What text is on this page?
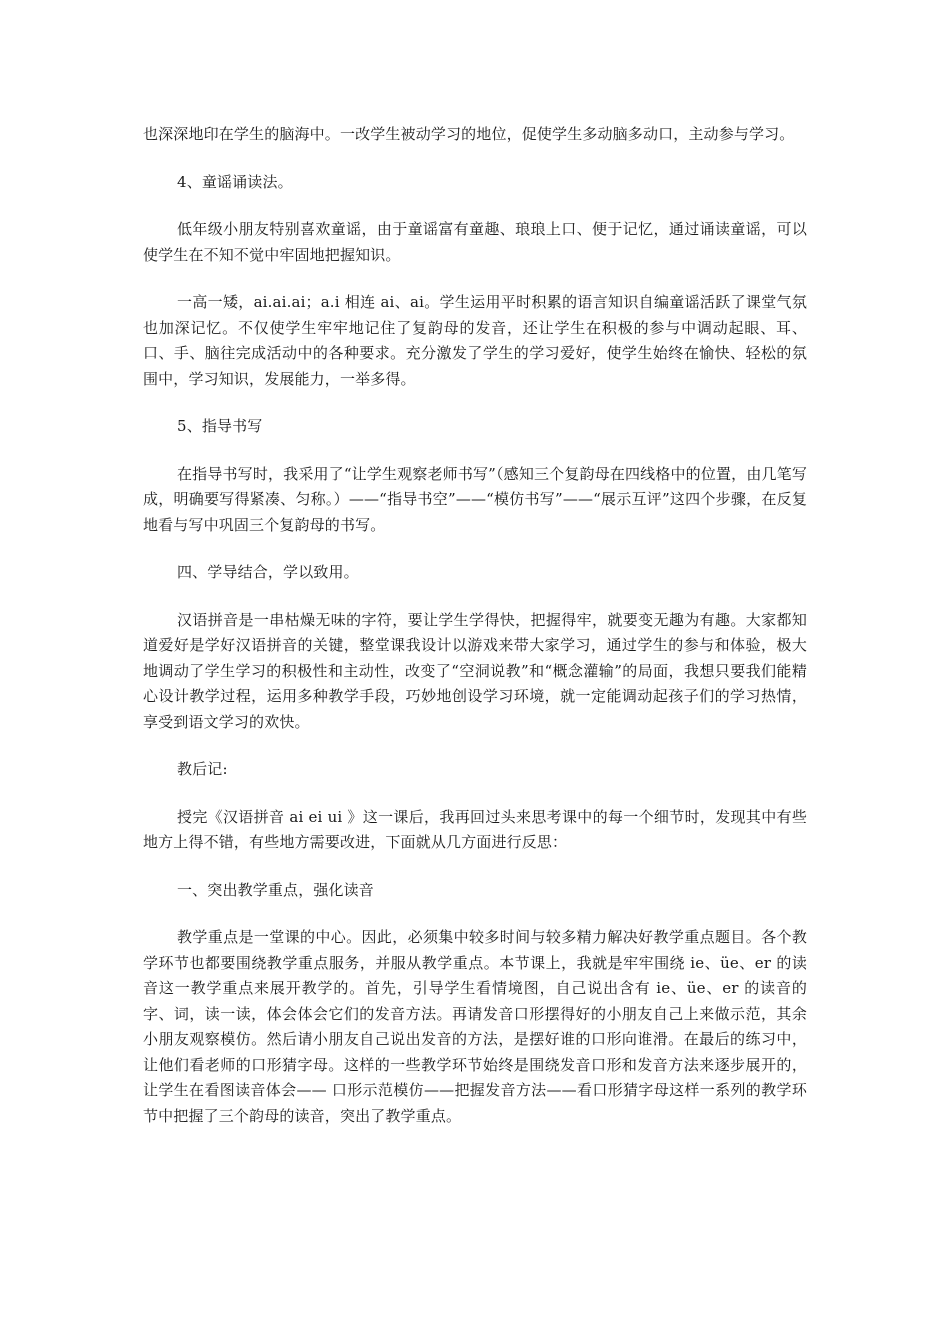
也深深地印在学生的脑海中。一改学生被动学习的地位，促使学生多动脑多动口，主动参与学习。

4、童谣诵读法。

低年级小朋友特别喜欢童谣，由于童谣富有童趣、琅琅上口、便于记忆，通过诵读童谣，可以使学生在不知不觉中牢固地把握知识。

一高一矮，ai.ai.ai；a.i 相连 ai、ai。学生运用平时积累的语言知识自编童谣活跃了课堂气氛也加深记忆。不仅使学生牢牢地记住了复韵母的发音，还让学生在积极的参与中调动起眼、耳、口、手、脑往完成活动中的各种要求。充分激发了学生的学习爱好，使学生始终在愉快、轻松的氛围中，学习知识，发展能力，一举多得。

5、指导书写

在指导书写时，我采用了“让学生观察老师书写”（感知三个复韵母在四线格中的位置，由几笔写成，明确要写得紧凑、匀称。）——“指导书空”——“模仿书写”——“展示互评”这四个步骤，在反复地看与写中巩固三个复韵母的书写。

四、学导结合，学以致用。

汉语拼音是一串枯燥无味的字符，要让学生学得快，把握得牢，就要变无趣为有趣。大家都知道爱好是学好汉语拼音的关键，整堂课我设计以游戏来带大家学习，通过学生的参与和体验，极大地调动了学生学习的积极性和主动性，改变了“空洞说教”和“概念灌输”的局面，我想只要我们能精心设计教学过程，运用多种教学手段，巧妙地创设学习环境，就一定能调动起孩子们的学习热情，享受到语文学习的欢快。

教后记:

授完《汉语拼音 ai ei ui 》这一课后，我再回过头来思考课中的每一个细节时，发现其中有些地方上得不错，有些地方需要改进，下面就从几方面进行反思：

一、突出教学重点，强化读音

教学重点是一堂课的中心。因此，必须集中较多时间与较多精力解决好教学重点题目。各个教学环节也都要围绕教学重点服务，并服从教学重点。本节课上，我就是牢牢围绕 ie、üe、er 的读音这一教学重点来展开教学的。首先，引导学生看情境图，自己说出含有 ie、üe、er 的读音的字、词，读一读，体会体会它们的发音方法。再请发音口形摆得好的小朋友自己上来做示范，其余小朋友观察模仿。然后请小朋友自己说出发音的方法，是摆好谁的口形向谁滑。在最后的练习中，让他们看老师的口形猜字母。这样的一些教学环节始终是围绕发音口形和发音方法来逐步展开的，让学生在看图读音体会—— 口形示范模仿——把握发音方法——看口形猜字母这样一系列的教学环节中把握了三个韵母的读音，突出了教学重点。
